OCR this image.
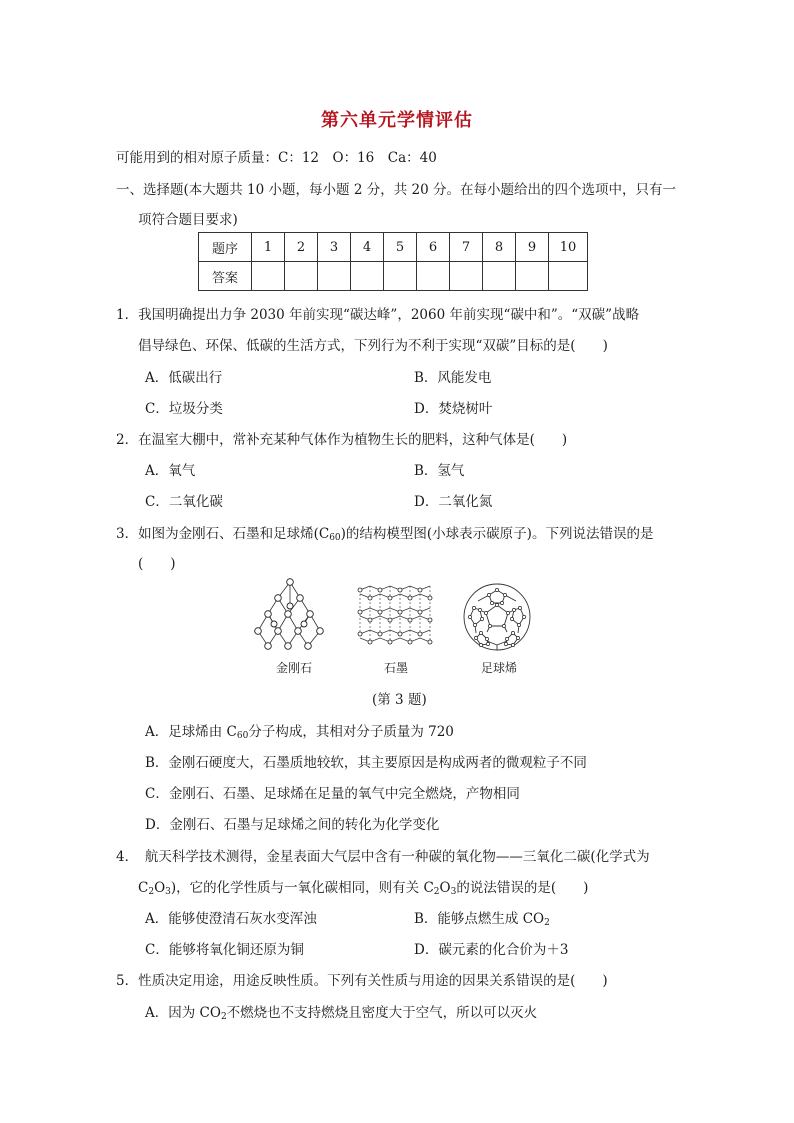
第六单元学情评估
可能用到的相对原子质量：C：12　O：16　Ca：40
一、选择题(本大题共 10 小题，每小题 2 分，共 20 分。在每小题给出的四个选项中，只有一
项符合题目要求)
题序	1	2	3	4	5	6	7	8	9	10
答案										
1．我国明确提出力争 2030 年前实现“碳达峰”，2060 年前实现“碳中和”。“双碳”战略
倡导绿色、环保、低碳的生活方式，下列行为不利于实现“双碳”目标的是(　　)
A．低碳出行	B．风能发电
C．垃圾分类	D．焚烧树叶
2．在温室大棚中，常补充某种气体作为植物生长的肥料，这种气体是(　　)
A．氧气	B．氢气
C．二氧化碳	D．二氧化氮
3．如图为金刚石、石墨和足球烯$(C_{60})$的结构模型图(小球表示碳原子)。下列说法错误的是
(　　)
金刚石	石墨	足球烯
(第 3 题)
A．足球烯由 $C_{60}$分子构成，其相对分子质量为 720
B．金刚石硬度大，石墨质地较软，其主要原因是构成两者的微观粒子不同
C．金刚石、石墨、足球烯在足量的氧气中完全燃烧，产物相同
D．金刚石、石墨与足球烯之间的转化为化学变化
4．　航天科学技术测得，金星表面大气层中含有一种碳的氧化物——三氧化二碳(化学式为
$C_2O_3$)，它的化学性质与一氧化碳相同，则有关 $C_2O_3$的说法错误的是(　　)
A．能够使澄清石灰水变浑浊	B．能够点燃生成 $CO_2$
C．能够将氧化铜还原为铜	D．碳元素的化合价为＋3
5．性质决定用途，用途反映性质。下列有关性质与用途的因果关系错误的是(　　)
A．因为 $CO_2$不燃烧也不支持燃烧且密度大于空气，所以可以灭火
